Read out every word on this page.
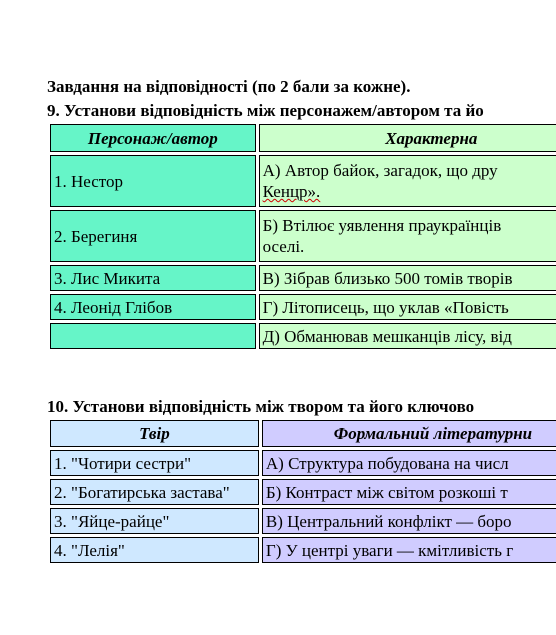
Завдання на відповідності (по 2 бали за кожне).
9. Установи відповідність між персонажем/автором та йо
Персонаж/автор	Характерна
1. Нестор	А) Автор байок, загадок, що дру
Кенцр».

2. Берегиня	Б) Втілює уявлення праукраїнців
оселі.

3. Лис Микита	В) Зібрав близько 500 томів творів
4. Леонід Глібов	Г) Літописець, що уклав «Повість
	Д) Обманював мешканців лісу, від
10. Установи відповідність між твором та його ключово
Твір	Формальний літературни
1. "Чотири сестри"	А) Структура побудована на числ
2. "Богатирська застава"	Б) Контраст між світом розкоші т
3. "Яйце-райце"	В) Центральний конфлікт — боро
4. "Лелія"	Г) У центрі уваги — кмітливість г
